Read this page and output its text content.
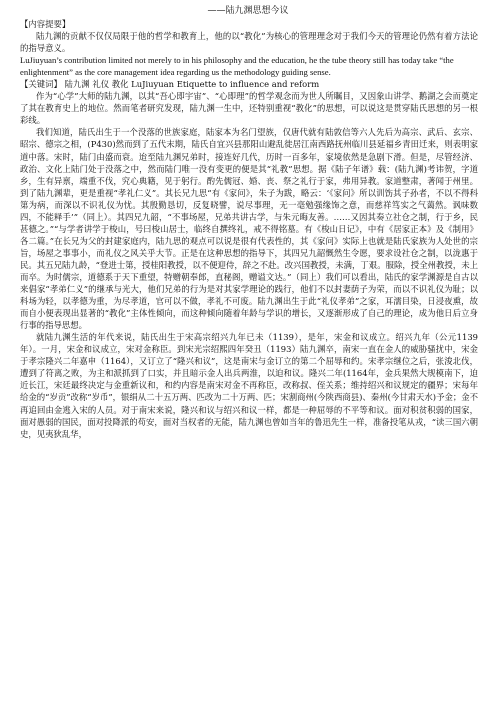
——陆九渊思想今议

【内容提要】

陆九渊的贡献不仅仅局限于他的哲学和教育上，他的以“教化”为核心的管理理念对于我们今天的管理论仍然有着方法论的指导意义。

LuJiuyuan’s contribution limited not merely to in his philosophy and the education, he the tube theory still has today take “the enlightenment” as the core management idea regarding us the methodology guiding sense.

【关键词】 陆九渊 礼仪 教化 LuJiuyuan Etiquette to influence and reform

作为“心学”大师的陆九渊，以其“吾心即宇宙”、“心即理”的哲学观念而为世人所瞩目，又因象山讲学、鹅湖之会而奠定了其在教育史上的地位。然而笔者研究发现，陆九渊一生中，还特别重视“教化”的思想，可以说这是贯穿陆氏思想的另一根彩线。

我们知道，陆氏出生于一个没落的世族家庭，陆家本为名门望族，仅唐代就有陆敦信等六人先后为高宗、武后、玄宗、昭宗、德宗之相，(P430)然而到了五代末期，陆氏自宜兴县那阳山避乱徙居江南西路抚州临川县延福乡青田迁来，则表明家道中落。宋时，陆门由盛而衰。迨至陆九渊兄弟时，接连好几代，历时一百多年，家境依然是急剧下滑。但是，尽管经济、政治、文化上陆门处于没落之中，然而陆门唯一没有变更的便是其“礼教”思想。据《陆子年谱》载：(陆九渊)考讳贺，字道乡，生有异禀，端重不伐，究心典籍，见于躬行。酌先儒冠、婚、丧、祭之礼行于家，弗用异教。家道整肃，著闻于州里。到了陆九渊辈，更是重视“孝礼仁义”。其长兄九思“有《家问》，朱子为跋，略云：‘《家问》所以训饬其子孙者，不以不得科第为病，而深以不识礼仪为忧。其殷勤恳切，反复晓譬，说尽事理，无一毫勉强缘饰之意，而慈祥笃实之气蔼然。讽味数四，不能释手’”（同上）。其四兄九韶，“不事场屋，兄弟共讲古学，与朱元晦友善。……又因其奏立社仓之制，行于乡，民甚德之。”“与学者讲学于梭山，号曰梭山居士，临终自撰终礼，戒不得铭墓。有《梭山日记》，中有《居家正本》及《制用》各二篇。”在长兄为父的封建家庭内，陆九思的观点可以说是很有代表性的，其《家问》实际上也就是陆氏家族为人处世的宗旨，场屋之事事小，而礼仪之风关乎大节。正是在这种思想的指导下，其四兄九韶慨然生令愿，要求设社仓之制，以泷惠于民。其五兄陆九龄，“登进士第，授桂阳教授，以不便迎侍，辞之不赴。改兴国教授，未满，丁艰。服除，授全州教授，未上而卒。为时儒宗，道德系于天下重望，特赠朝奉郎，直秘阁，赠谥文达。”（同上）我们可以看出，陆氏的家学渊源是自古以来倡家“孝弟仁义”的继承与光大，他们兄弟的行为是对其家学理论的践行，他们不以封妻荫子为荣，而以不识礼仪为耻；以科场为轻，以孝德为重，为尽孝道，官可以不做，孝礼不可废。陆九渊出生于此“礼仪孝弟”之家，耳濡目染，日浸夜熏，故而自小便表现出显著的“教化”主体性倾向，而这种倾向随着年龄与学识的增长，又逐渐形成了自己的理论，成为他日后立身行事的指导思想。

就陆九渊生活的年代来说，陆氏出生于宋高宗绍兴九年已未（1139），是年，宋金和议成立。绍兴九年（公元1139年）。一月，宋金和议成立，宋对金称臣。到宋光宗绍熙四年癸丑（1193）陆九渊卒，南宋一直在金人的威胁骚扰中，宋金于孝宗隆兴二年嘉申（1164），又订立了“隆兴和议”，这是南宋与金订立的第二个屈辱和约。宋孝宗继位之后，张浚北伐，遭到了符离之败，为主和派抓到了口实，并且暗示金人出兵两淮，以迫和议。隆兴二年(1164年，金兵果然大规模南下，迫近长江，宋廷最终决定与金重新议和，和约内容是南宋对金不再称臣，改称叔、侄关系；维持绍兴和议规定的疆界；宋每年给金的“岁贡”改称“岁币”，银绢从二十五万两、匹改为二十万两、匹；宋割商州(今陕西商县)、秦州(今甘肃天水)予金；金不再追回由金逃入宋的人员。对于南宋来说，隆兴和议与绍兴和议一样，都是一种屈辱的不平等和议。面对积贫积弱的国家，面对愚弱的国民，面对投降派的苟安，面对当权者的无能，陆九渊也曾如当年的鲁迅先生一样，准备投笔从戎，“读三国六朝史，见夷狄乱华，
